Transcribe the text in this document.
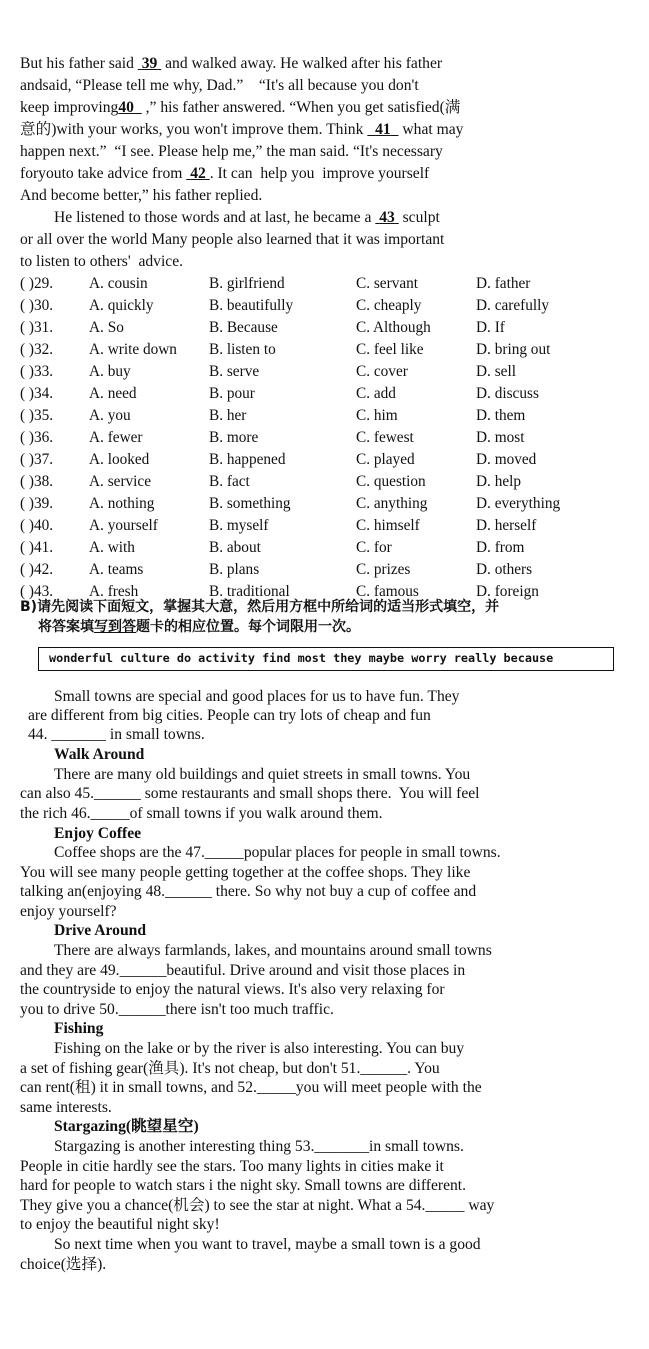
But his father said  39  and walked away. He walked after his father
andsaid, “Please tell me why, Dad.”    “It's all because you don't
keep improving40   ,” his father answered. “When you get satisfied(满
意的)with your works, you won't improve them. Think   41   what may
happen next.”  “I see. Please help me,” the man said. “It's necessary
foryouto take advice from  42 . It can  help you  improve yourself
And become better,” his father replied.
He listened to those words and at last, he became a  43  sculpt
or all over the world Many people also learned that it was important
to listen to others'  advice.
( )29. A. cousin	B. girlfriend	C. servant	D. father
( )30. A. quickly	B. beautifully	C. cheaply	D. carefully
( )31. A. So	B. Because	C. Although	D. If
( )32. A. write down B. listen to	C. feel like	D. bring out
( )33. A. buy	B. serve	C. cover	D. sell
( )34. A. need	B. pour	C. add	D. discuss
( )35. A. you	B. her	C. him	D. them
( )36. A. fewer	B. more	C. fewest	D. most
( )37. A. looked	B. happened	C. played	D. moved
( )38. A. service	B. fact	C. question	D. help
( )39. A. nothing	B. something	C. anything	D. everything
( )40. A. yourself	B. myself	C. himself	D. herself
( )41. A. with	B. about	C. for	D. from
( )42. A. teams	B. plans	C. prizes	D. others
( )43. A. fresh	B. traditional	C. famous	D. foreign
B)请先阅读下面短文，掌握其大意，然后用方框中所给词的适当形式填空，并
将答案填写到答题卡的相应位置。每个词限用一次。
wonderful culture do activity find most they maybe worry really because
Small towns are special and good places for us to have fun. They
are different from big cities. People can try lots of cheap and fun
44. _______ in small towns.
Walk Around
There are many old buildings and quiet streets in small towns. You
can also 45.______ some restaurants and small shops there.  You will feel
the rich 46._____of small towns if you walk around them.
Enjoy Coffee
Coffee shops are the 47._____popular places for people in small towns.
You will see many people getting together at the coffee shops. They like
talking an(enjoying 48.______ there. So why not buy a cup of coffee and
enjoy yourself?
Drive Around
There are always farmlands, lakes, and mountains around small towns
and they are 49.______beautiful. Drive around and visit those places in
the countryside to enjoy the natural views. It's also very relaxing for
you to drive 50.______there isn't too much traffic.
Fishing
Fishing on the lake or by the river is also interesting. You can buy
a set of fishing gear(渔具). It's not cheap, but don't 51.______. You
can rent(租) it in small towns, and 52._____you will meet people with the
same interests.
Stargazing(眺望星空)
Stargazing is another interesting thing 53._______in small towns.
People in citie hardly see the stars. Too many lights in cities make it
hard for people to watch stars i the night sky. Small towns are different.
They give you a chance(机会) to see the star at night. What a 54._____ way
to enjoy the beautiful night sky!
So next time when you want to travel, maybe a small town is a good
choice(选择).
